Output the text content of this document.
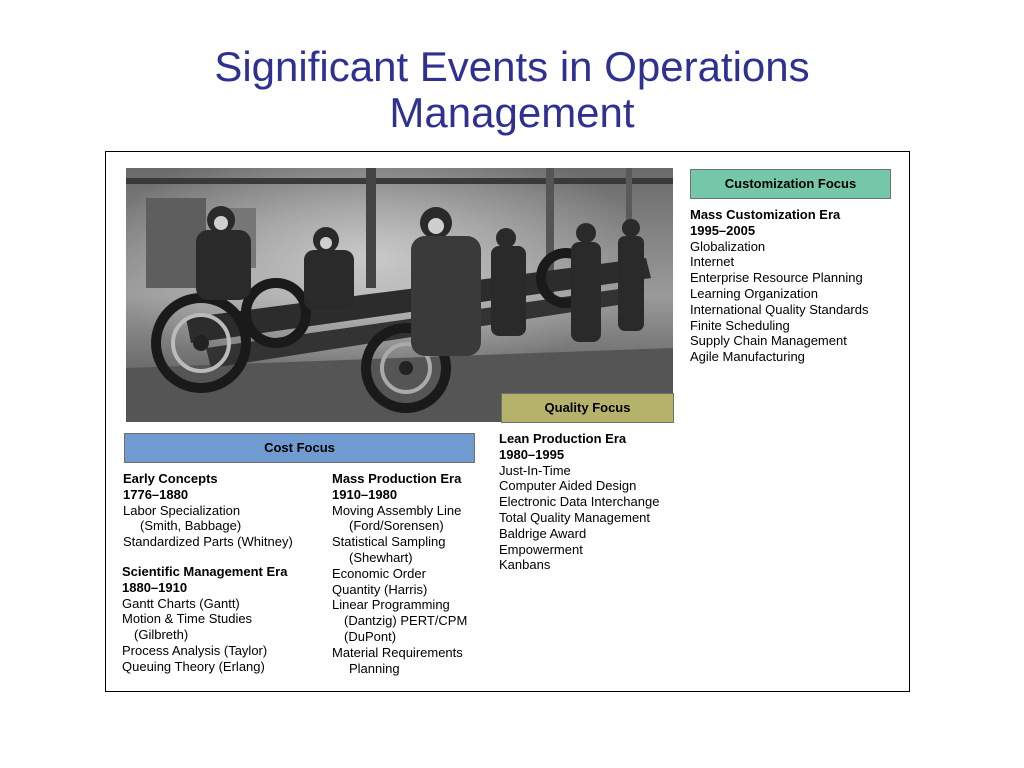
Significant Events in Operations
Management
Customization Focus
Quality Focus
Cost Focus
Mass Customization Era
1995–2005
Globalization
Internet
Enterprise Resource Planning
Learning Organization
International Quality Standards
Finite Scheduling
Supply Chain Management
Agile Manufacturing
Lean Production Era
1980–1995
Just-In-Time
Computer Aided Design
Electronic Data Interchange
Total Quality Management
Baldrige Award
Empowerment
Kanbans
Early Concepts
1776–1880
Labor Specialization
(Smith, Babbage)
Standardized Parts (Whitney)
Scientific Management Era
1880–1910
Gantt Charts (Gantt)
Motion & Time Studies
(Gilbreth)
Process Analysis (Taylor)
Queuing Theory (Erlang)
Mass Production Era
1910–1980
Moving Assembly Line
(Ford/Sorensen)
Statistical Sampling
(Shewhart)
Economic Order
Quantity (Harris)
Linear Programming
(Dantzig) PERT/CPM
(DuPont)
Material Requirements
Planning
